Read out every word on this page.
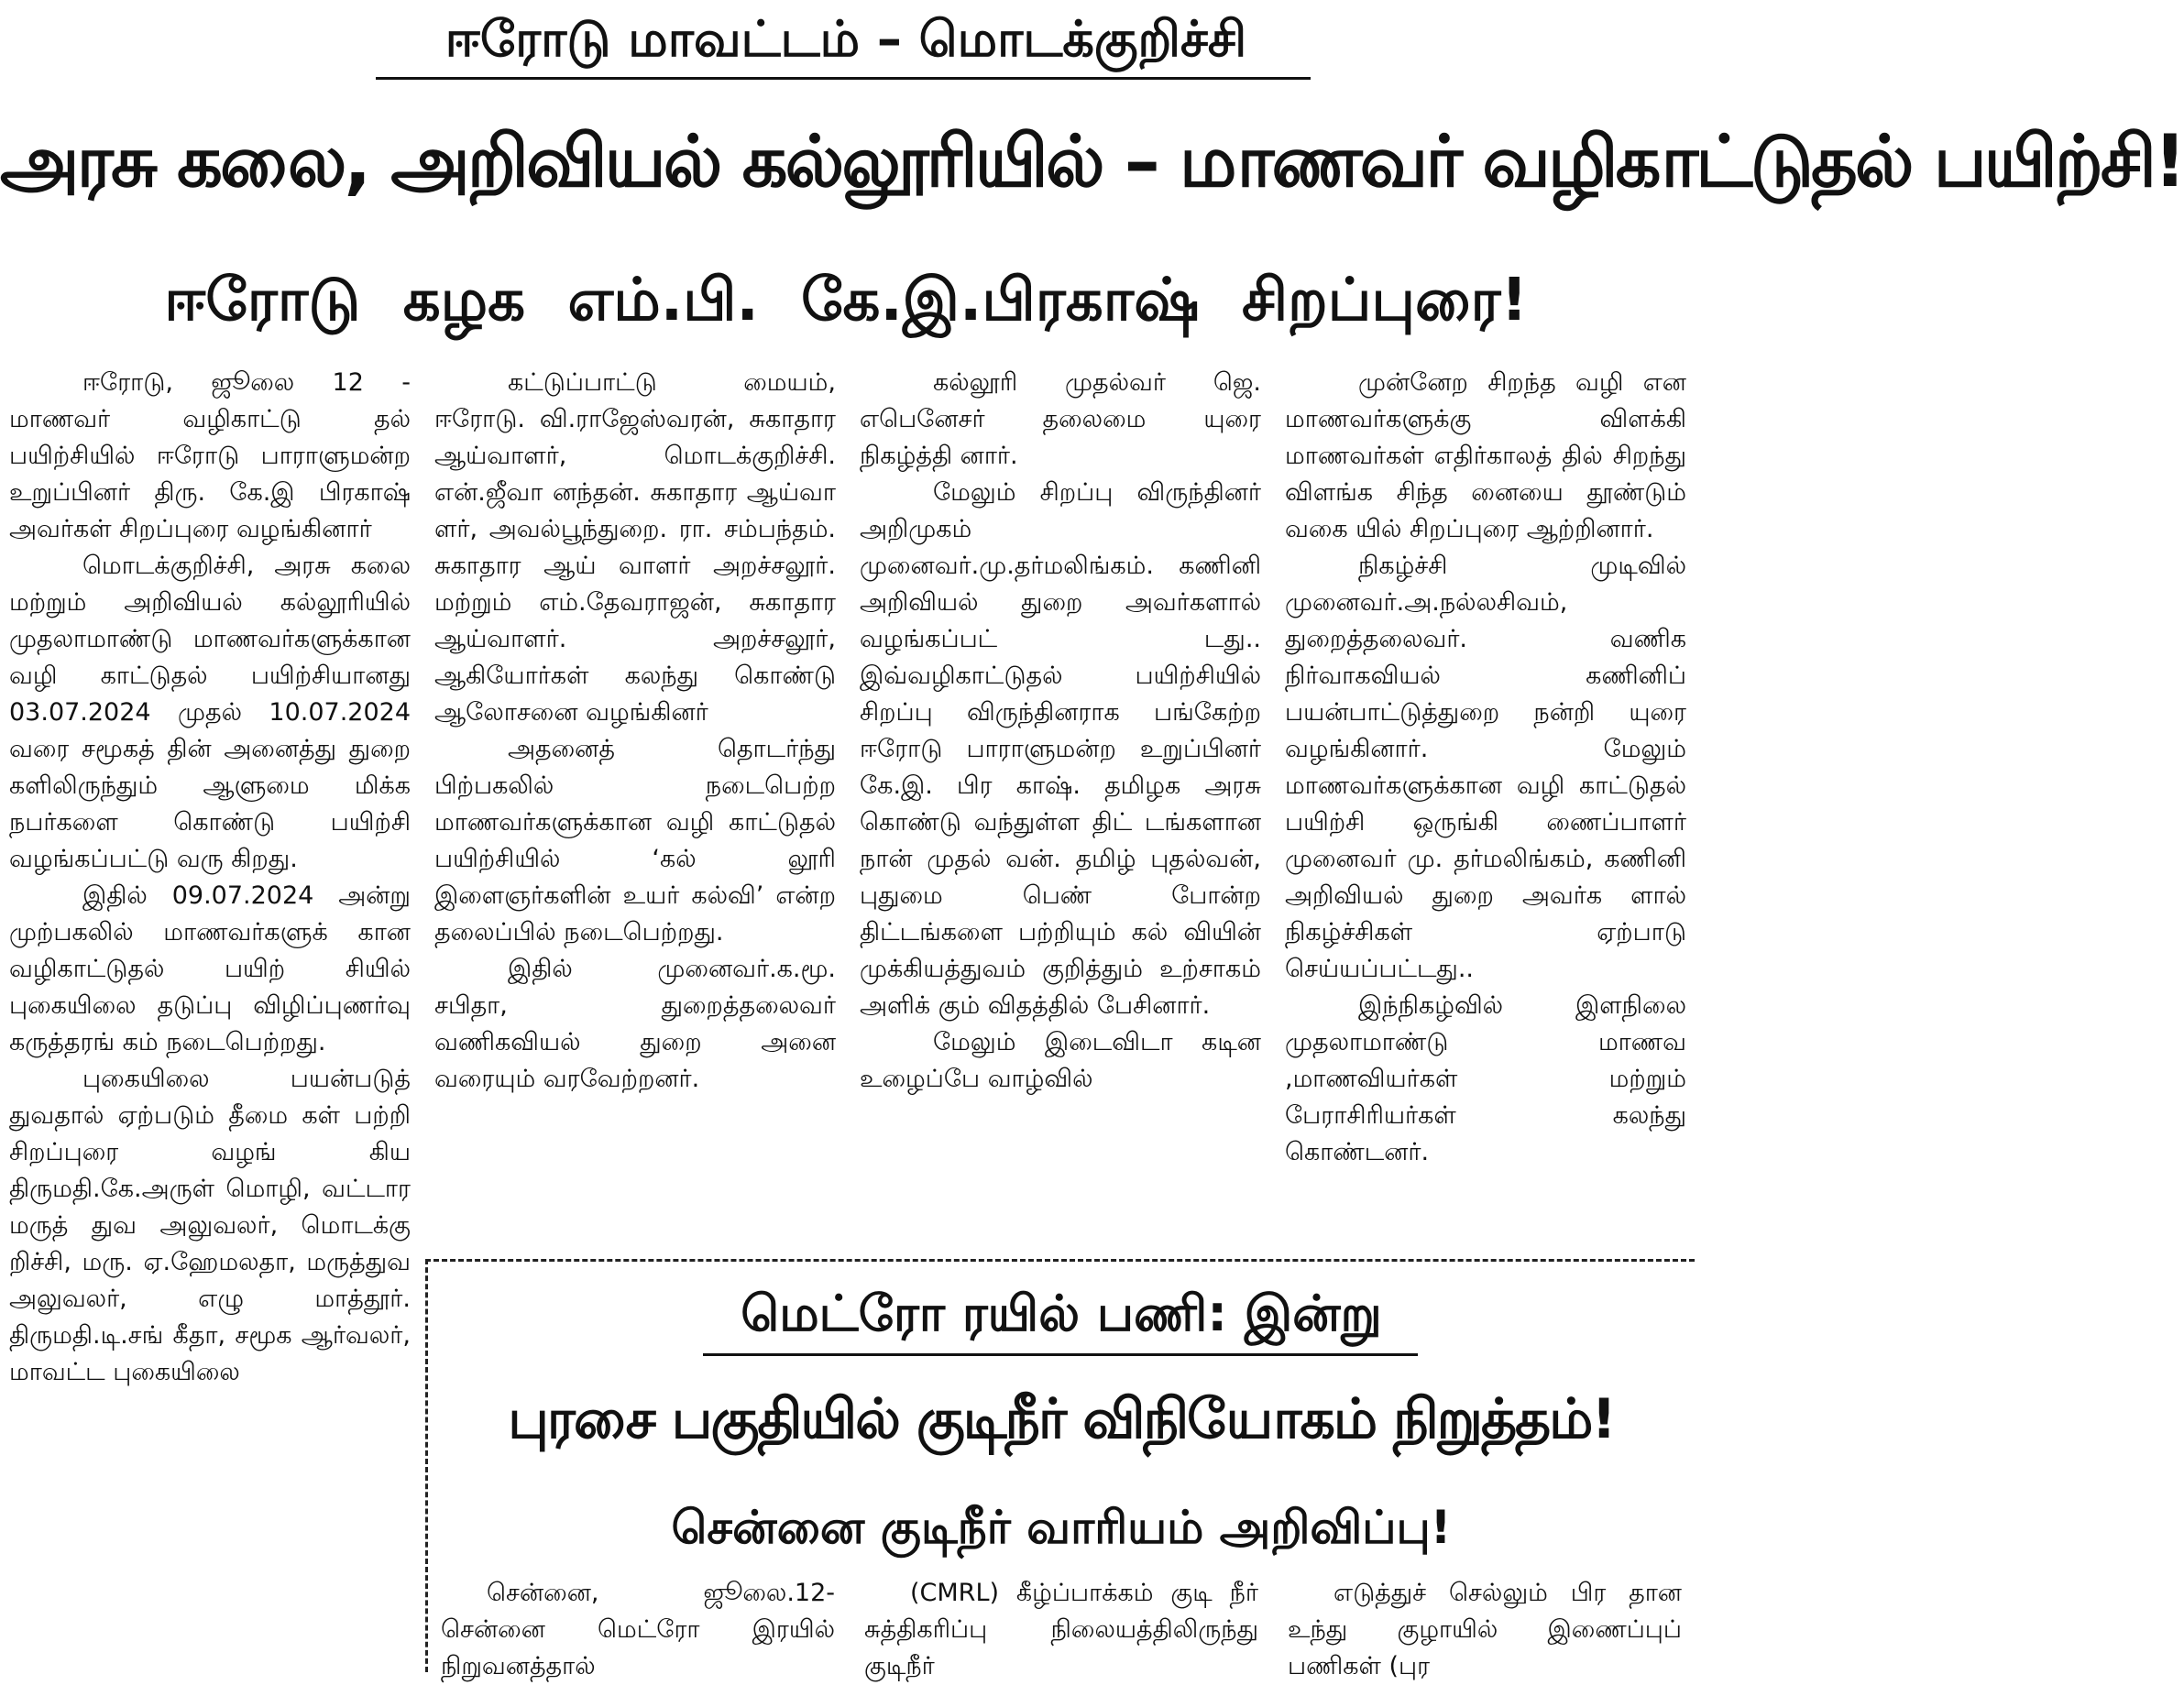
ஈரோடு மாவட்டம் – மொடக்குறிச்சி
அரசு கலை, அறிவியல் கல்லூரியில் – மாணவர் வழிகாட்டுதல் பயிற்சி!
ஈரோடு கழக எம்.பி. கே.இ.பிரகாஷ் சிறப்புரை!

ஈரோடு, ஜூலை 12 - மாணவர் வழிகாட்டு தல் பயிற்சியில் ஈரோடு பாராளுமன்ற உறுப்பினர் திரு. கே.இ பிரகாஷ் அவர்கள் சிறப்புரை வழங்கினார்

மொடக்குறிச்சி, அரசு கலை மற்றும் அறிவியல் கல்லூரியில் முதலாமாண்டு மாணவர்களுக்கான வழி காட்டுதல் பயிற்சியானது 03.07.2024 முதல் 10.07.2024 வரை சமூகத் தின் அனைத்து துறை களிலிருந்தும் ஆளுமை மிக்க நபர்களை கொண்டு பயிற்சி வழங்கப்பட்டு வரு கிறது.

இதில் 09.07.2024 அன்று முற்பகலில் மாணவர்களுக் கான வழிகாட்டுதல் பயிற் சியில் புகையிலை தடுப்பு விழிப்புணர்வு கருத்தரங் கம் நடைபெற்றது.

புகையிலை பயன்படுத் துவதால் ஏற்படும் தீமை கள் பற்றி சிறப்புரை வழங் கிய திருமதி.கே.அருள் மொழி, வட்டார மருத் துவ அலுவலர், மொடக்கு றிச்சி, மரு. ஏ.ஹேமலதா, மருத்துவ அலுவலர், எழு மாத்தூர். திருமதி.டி.சங் கீதா, சமூக ஆர்வலர், மாவட்ட புகையிலை

கட்டுப்பாட்டு மையம், ஈரோடு. வி.ராஜேஸ்வரன், சுகாதார ஆய்வாளர், மொடக்குறிச்சி. என்.ஜீவா னந்தன். சுகாதார ஆய்வா ளர், அவல்பூந்துறை. ரா. சம்பந்தம். சுகாதார ஆய் வாளர் அறச்சலூர். மற்றும் எம்.தேவராஜன், சுகாதார ஆய்வாளர். அறச்சலூர், ஆகியோர்கள் கலந்து கொண்டு ஆலோசனை வழங்கினர்

அதனைத் தொடர்ந்து பிற்பகலில் நடைபெற்ற மாணவர்களுக்கான வழி காட்டுதல் பயிற்சியில் ‘கல் லூரி இளைஞர்களின் உயர் கல்வி’ என்ற தலைப்பில் நடைபெற்றது.

இதில் முனைவர்.க.மூ. சபிதா, துறைத்தலைவர் வணிகவியல் துறை அனை வரையும் வரவேற்றனர்.

கல்லூரி முதல்வர் ஜெ. எபெனேசர் தலைமை யுரை நிகழ்த்தி னார்.

மேலும் சிறப்பு விருந்தினர் அறிமுகம் முனைவர்.மு.தர்மலிங்கம். கணினி அறிவியல் துறை அவர்களால் வழங்கப்பட் டது.. இவ்வழிகாட்டுதல் பயிற்சியில் சிறப்பு விருந்தினராக பங்கேற்ற ஈரோடு பாராளுமன்ற உறுப்பினர் கே.இ. பிர காஷ். தமிழக அரசு கொண்டு வந்துள்ள திட் டங்களான நான் முதல் வன். தமிழ் புதல்வன், புதுமை பெண் போன்ற திட்டங்களை பற்றியும் கல் வியின் முக்கியத்துவம் குறித்தும் உற்சாகம் அளிக் கும் விதத்தில் பேசினார்.

மேலும் இடைவிடா கடின உழைப்பே வாழ்வில்

முன்னேற சிறந்த வழி என மாணவர்களுக்கு விளக்கி மாணவர்கள் எதிர்காலத் தில் சிறந்து விளங்க சிந்த னையை தூண்டும் வகை யில் சிறப்புரை ஆற்றினார்.

நிகழ்ச்சி முடிவில் முனைவர்.அ.நல்லசிவம், துறைத்தலைவர். வணிக நிர்வாகவியல் கணினிப் பயன்பாட்டுத்துறை நன்றி யுரை வழங்கினார். மேலும் மாணவர்களுக்கான வழி காட்டுதல் பயிற்சி ஒருங்கி ணைப்பாளர் முனைவர் மு. தர்மலிங்கம், கணினி அறிவியல் துறை அவர்க ளால் நிகழ்ச்சிகள் ஏற்பாடு செய்யப்பட்டது..

இந்நிகழ்வில் இளநிலை முதலாமாண்டு மாணவ ,மாணவியர்கள் மற்றும் பேராசிரியர்கள் கலந்து கொண்டனர்.

மெட்ரோ ரயில் பணி: இன்று
புரசை பகுதியில் குடிநீர் விநியோகம் நிறுத்தம்!
சென்னை குடிநீர் வாரியம் அறிவிப்பு!

சென்னை, ஜூலை.12- சென்னை மெட்ரோ இரயில் நிறுவனத்தால்

(CMRL) கீழ்ப்பாக்கம் குடி நீர் சுத்திகரிப்பு நிலையத்திலிருந்து குடிநீர்

எடுத்துச் செல்லும் பிர தான உந்து குழாயில் இணைப்புப் பணிகள் (புர
